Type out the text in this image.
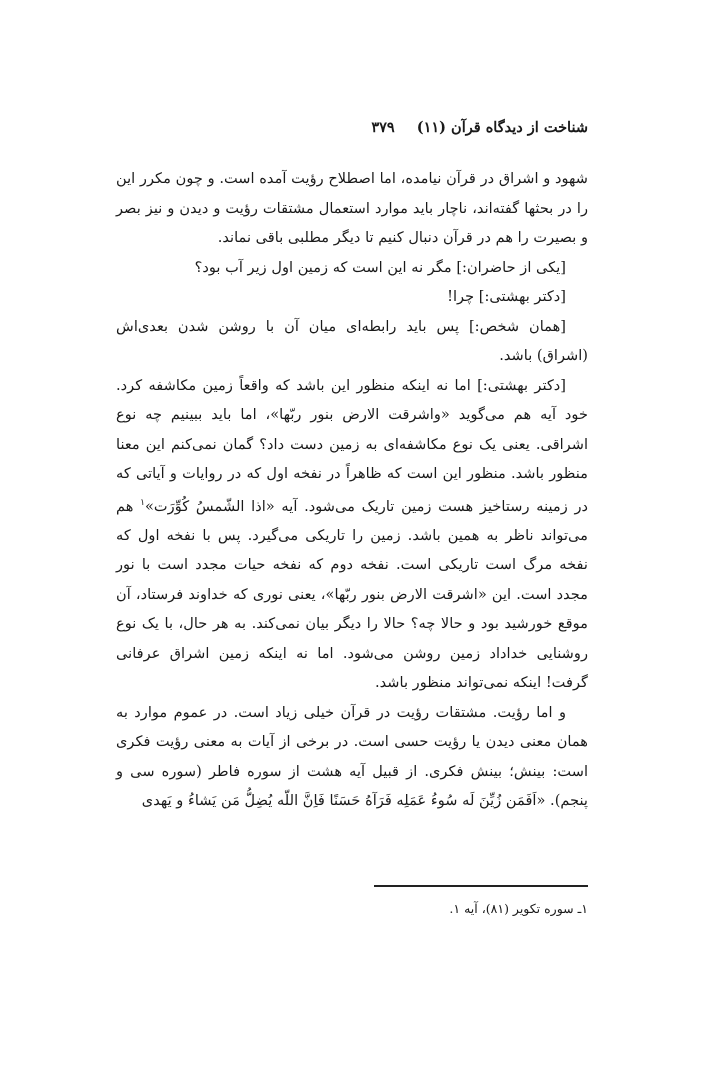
شناخت از دیدگاه قرآن (۱۱)
۳۷۹

شهود و اشراق در قرآن نیامده، اما اصطلاح رؤیت آمده است. و چون مکرر این را در بحثها گفته‌اند، ناچار باید موارد استعمال مشتقات رؤیت و دیدن و نیز بصر و بصیرت را هم در قرآن دنبال کنیم تا دیگر مطلبی باقی نماند.

[یکی از حاضران:] مگر نه این است که زمین اول زیر آب بود؟

[دکتر بهشتی:] چرا!

[همان شخص:] پس باید رابطه‌ای میان آن با روشن شدن بعدی‌اش (اشراق) باشد.

[دکتر بهشتی:] اما نه اینکه منظور این باشد که واقعاً زمین مکاشفه کرد. خود آیه هم می‌گوید «واشرقت الارض بنور ربّها»، اما باید ببینیم چه نوع اشراقی. یعنی یک نوع مکاشفه‌ای به زمین دست داد؟ گمان نمی‌کنم این معنا منظور باشد. منظور این است که ظاهراً در نفخه اول که در روایات و آیاتی که در زمینه رستاخیز هست زمین تاریک می‌شود. آیه «اذا الشّمسُ کُوِّرَت»$^۱$ هم می‌تواند ناظر به همین باشد. زمین را تاریکی می‌گیرد. پس با نفخه اول که نفخه مرگ است تاریکی است. نفخه دوم که نفخه حیات مجدد است با نور مجدد است. این «اشرقت الارض بنور ربّها»، یعنی نوری که خداوند فرستاد، آن موقع خورشید بود و حالا چه؟ حالا را دیگر بیان نمی‌کند. به هر حال، با یک نوع روشنایی خداداد زمین روشن می‌شود. اما نه اینکه زمین اشراق عرفانی گرفت! اینکه نمی‌تواند منظور باشد.

و اما رؤیت. مشتقات رؤیت در قرآن خیلی زیاد است. در عموم موارد به همان معنی دیدن یا رؤیت حسی است. در برخی از آیات به معنی رؤیت فکری است: بینش؛ بینش فکری. از قبیل آیه هشت از سوره فاطر (سوره سی و پنجم). «اَفَمَن زُیِّنَ لَه سُوءُ عَمَلِه فَرَآهُ حَسَنًا فَاِنَّ اللّه یُضِلُّ مَن یَشاءُ و یَهدی

۱ـ سوره تکویر (۸۱)، آیه ۱.
